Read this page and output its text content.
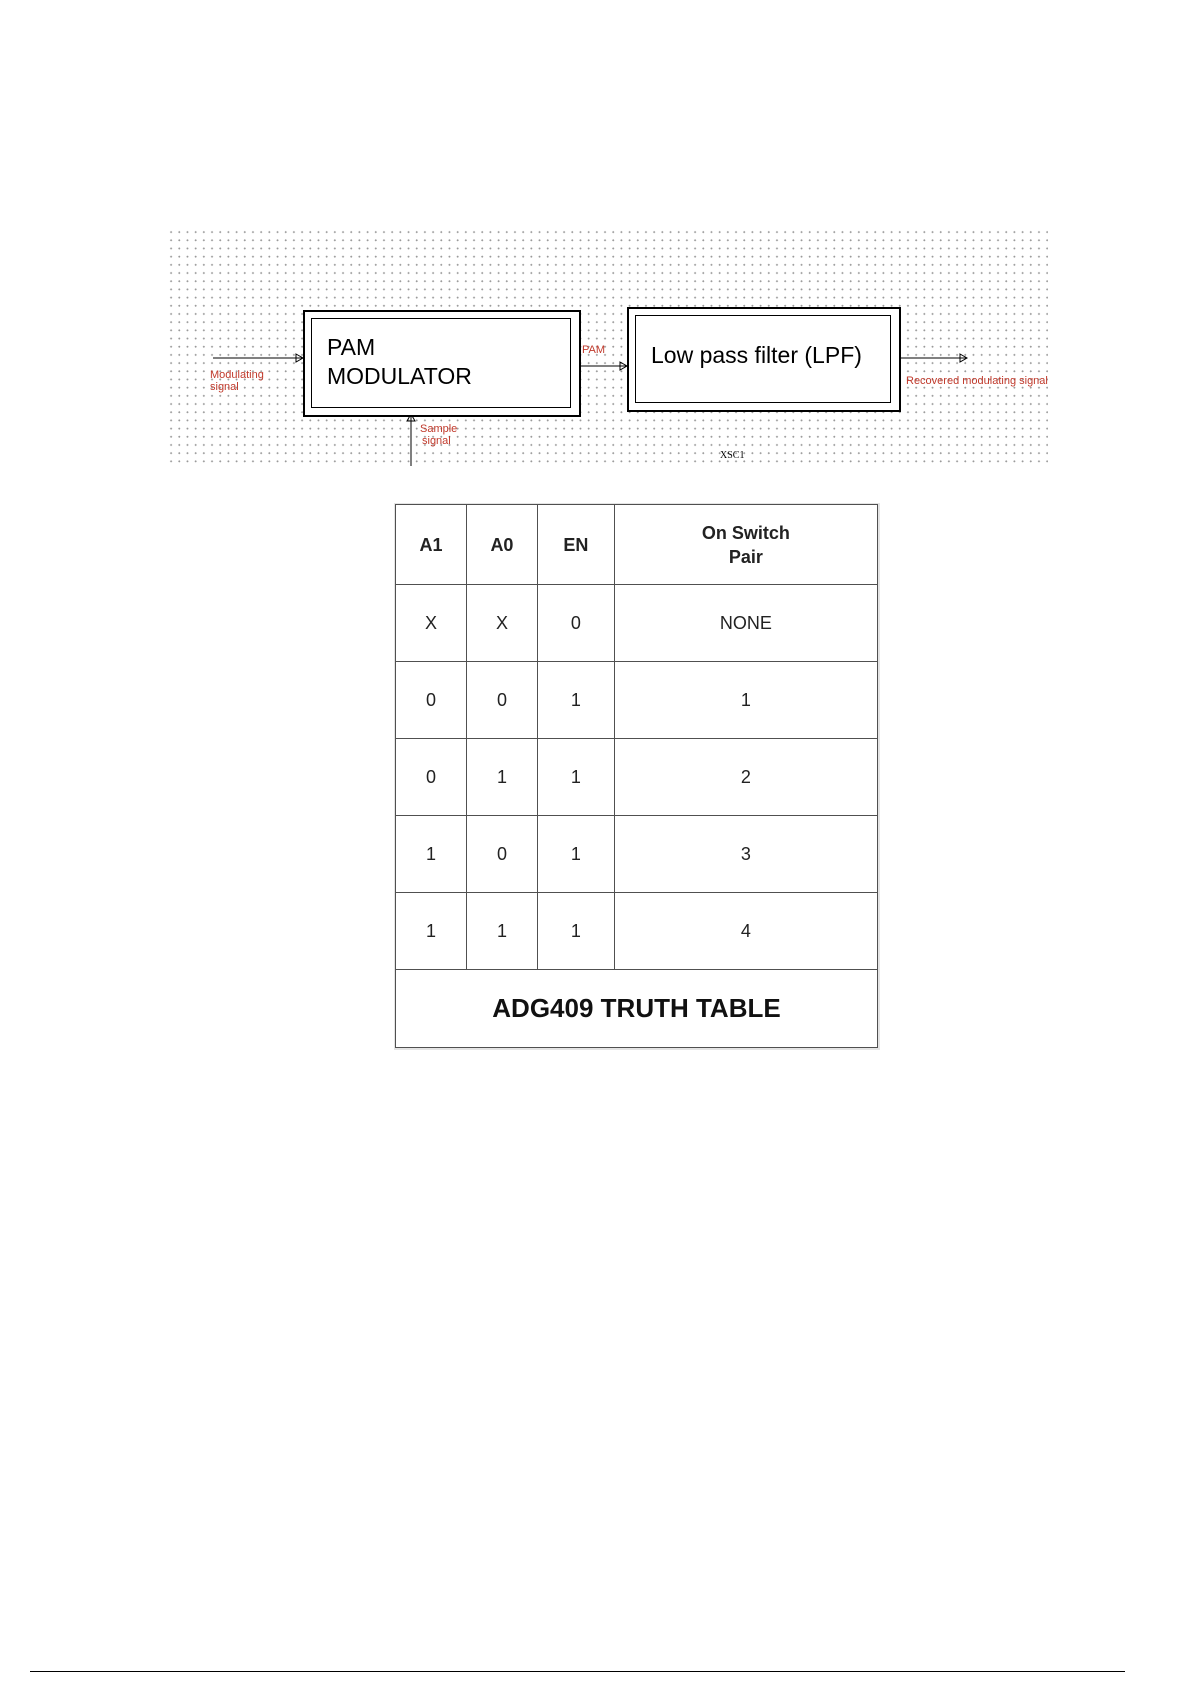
PAM
MODULATOR
Low pass filter (LPF)
Modulating
signal
PAM
Sample
signal
Recovered modulating signal
XSC1
A1	A0	EN	On Switch
Pair

X	X	0	NONE
0	0	1	1
0	1	1	2
1	0	1	3
1	1	1	4
ADG409 TRUTH TABLE			
